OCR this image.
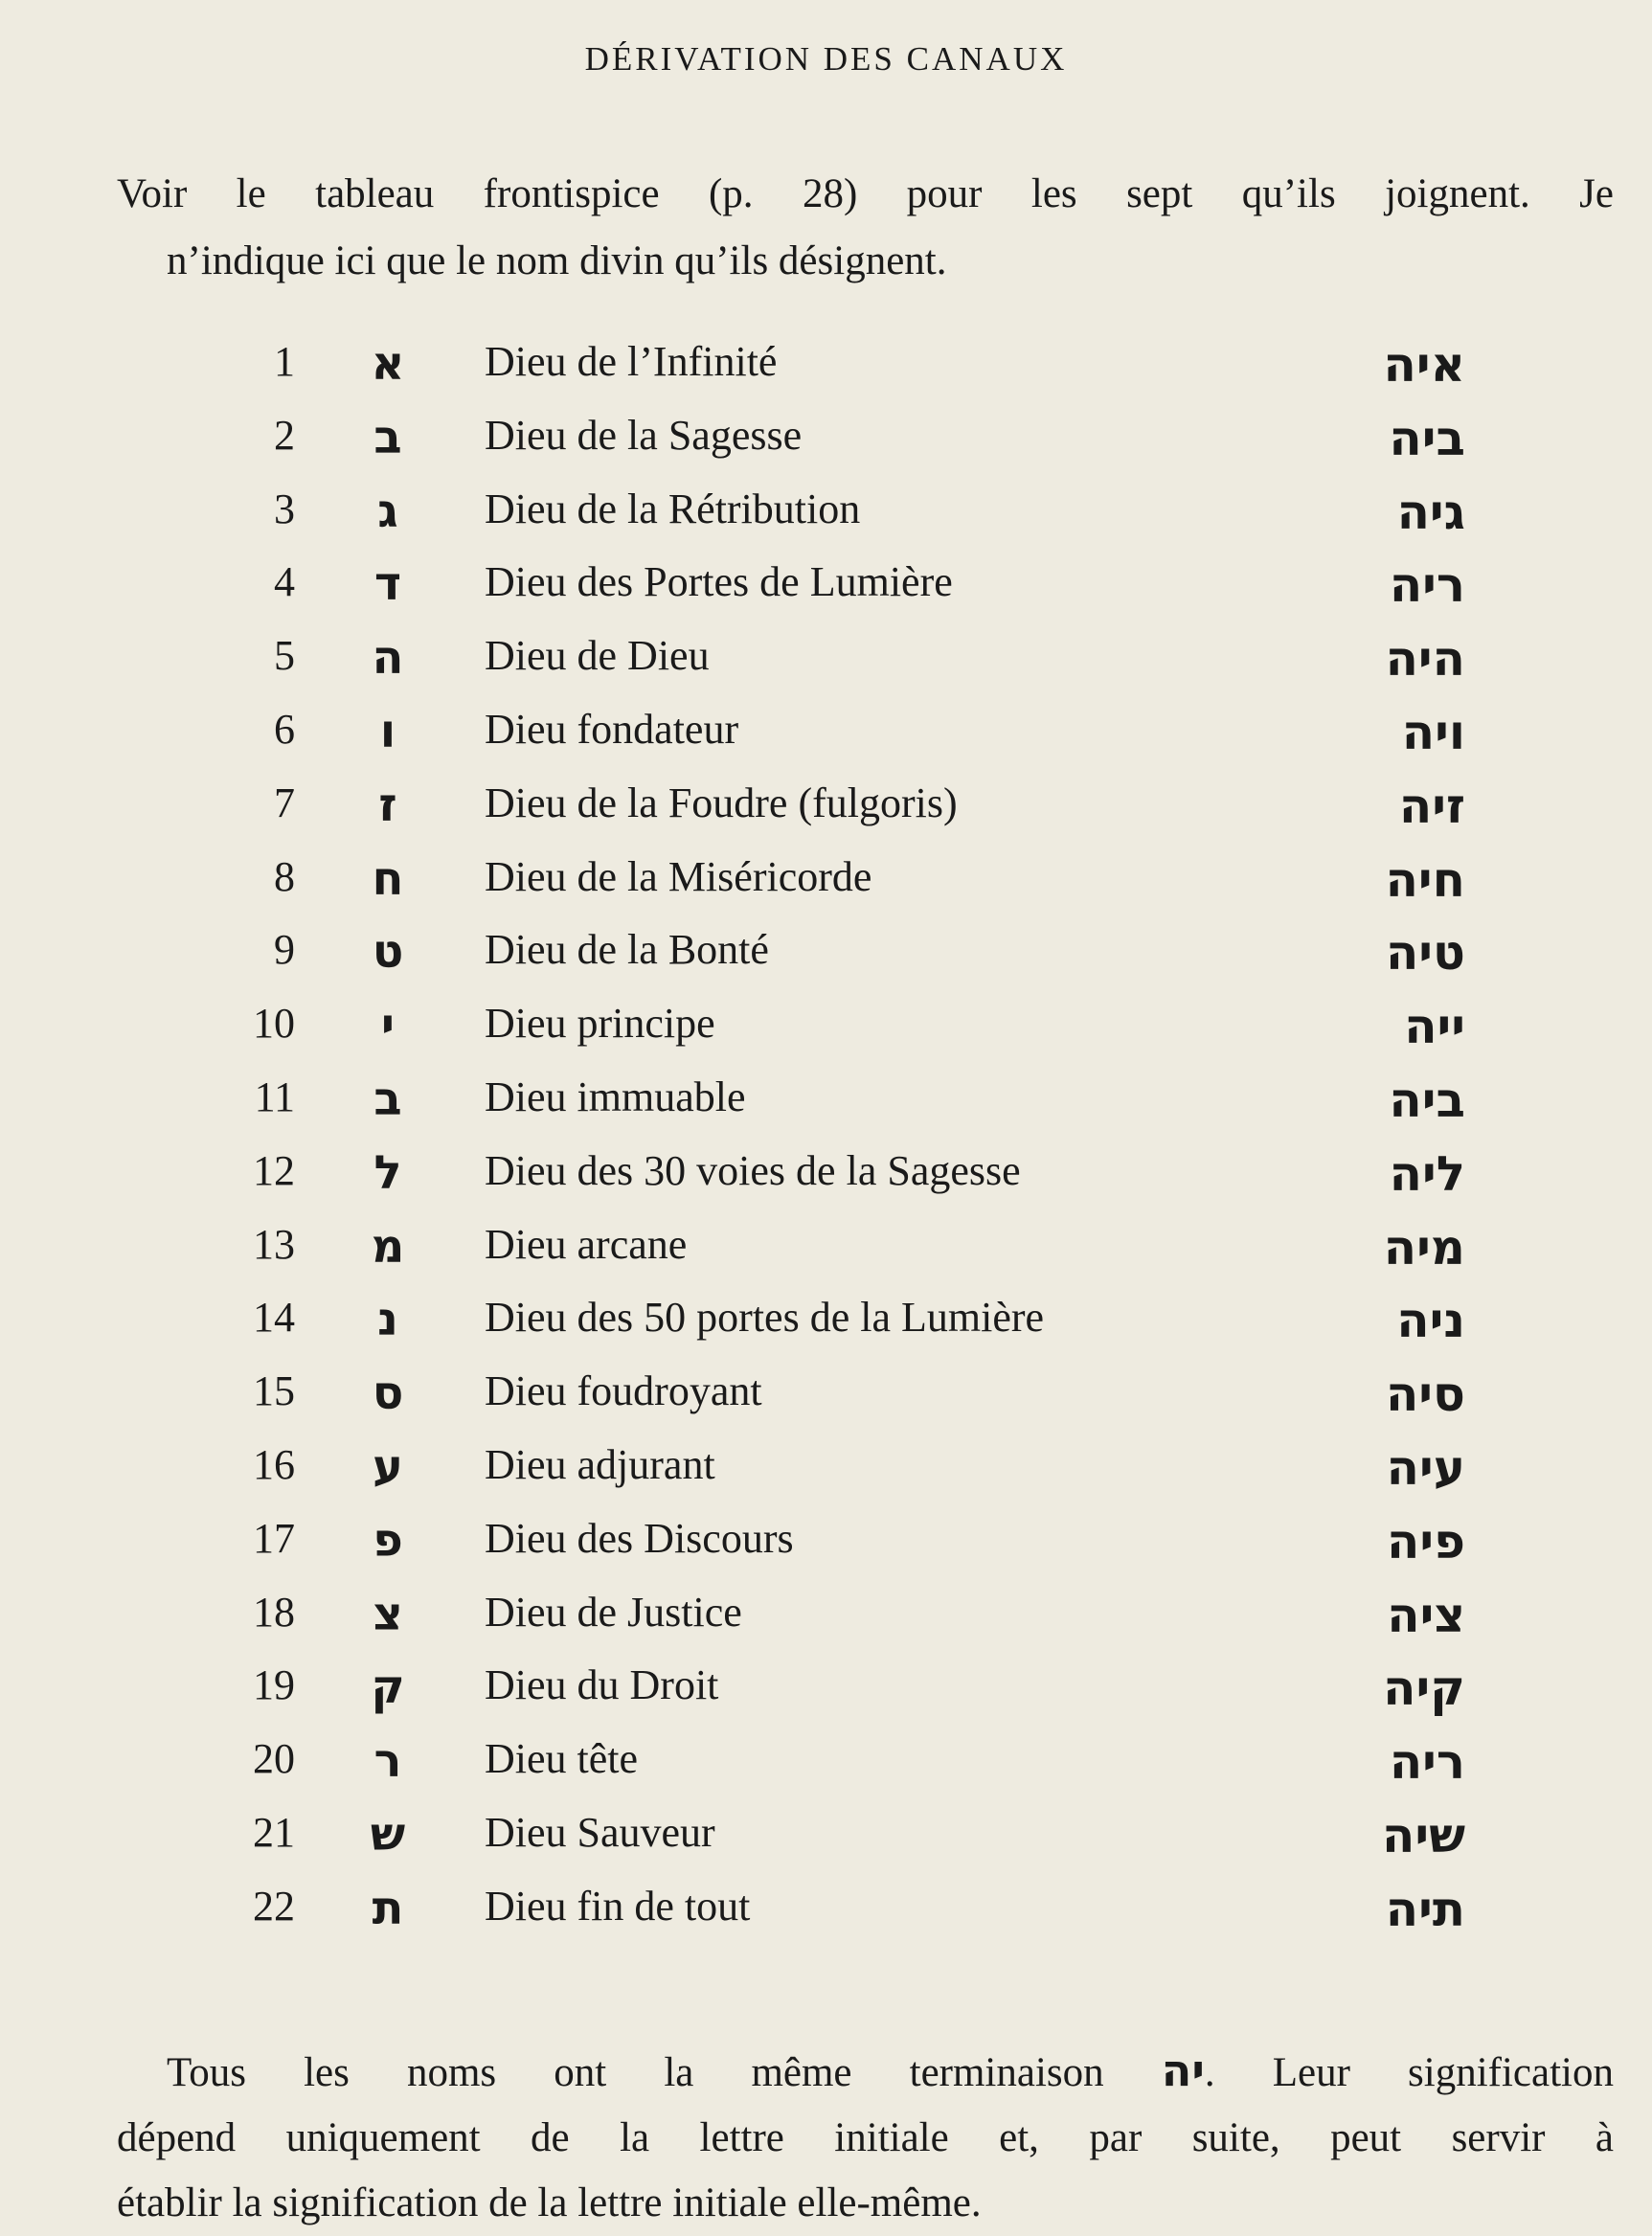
DÉRIVATION DES CANAUX
Voir le tableau frontispice (p. 28) pour les sept qu’ils joignent. Je
n’indique ici que le nom divin qu’ils désignent.
1	א	Dieu de l’Infinité	איה
2	ב	Dieu de la Sagesse	ביה
3	ג	Dieu de la Rétribution	גיה
4	ד	Dieu des Portes de Lumière	ריה
5	ה	Dieu de Dieu	היה
6	ו	Dieu fondateur	ויה
7	ז	Dieu de la Foudre (fulgoris)	זיה
8	ח	Dieu de la Miséricorde	חיה
9	ט	Dieu de la Bonté	טיה
10	י	Dieu principe	ייה
11	ב	Dieu immuable	ביה
12	ל	Dieu des 30 voies de la Sagesse	ליה
13	מ	Dieu arcane	מיה
14	נ	Dieu des 50 portes de la Lumière	ניה
15	ס	Dieu foudroyant	סיה
16	ע	Dieu adjurant	עיה
17	פ	Dieu des Discours	פיה
18	צ	Dieu de Justice	ציה
19	ק	Dieu du Droit	קיה
20	ר	Dieu tête	ריה
21	ש	Dieu Sauveur	שיה
22	ת	Dieu fin de tout	תיה
Tous les noms ont la même terminaison יה. Leur signification
dépend uniquement de la lettre initiale et, par suite, peut servir à
établir la signification de la lettre initiale elle-même.
